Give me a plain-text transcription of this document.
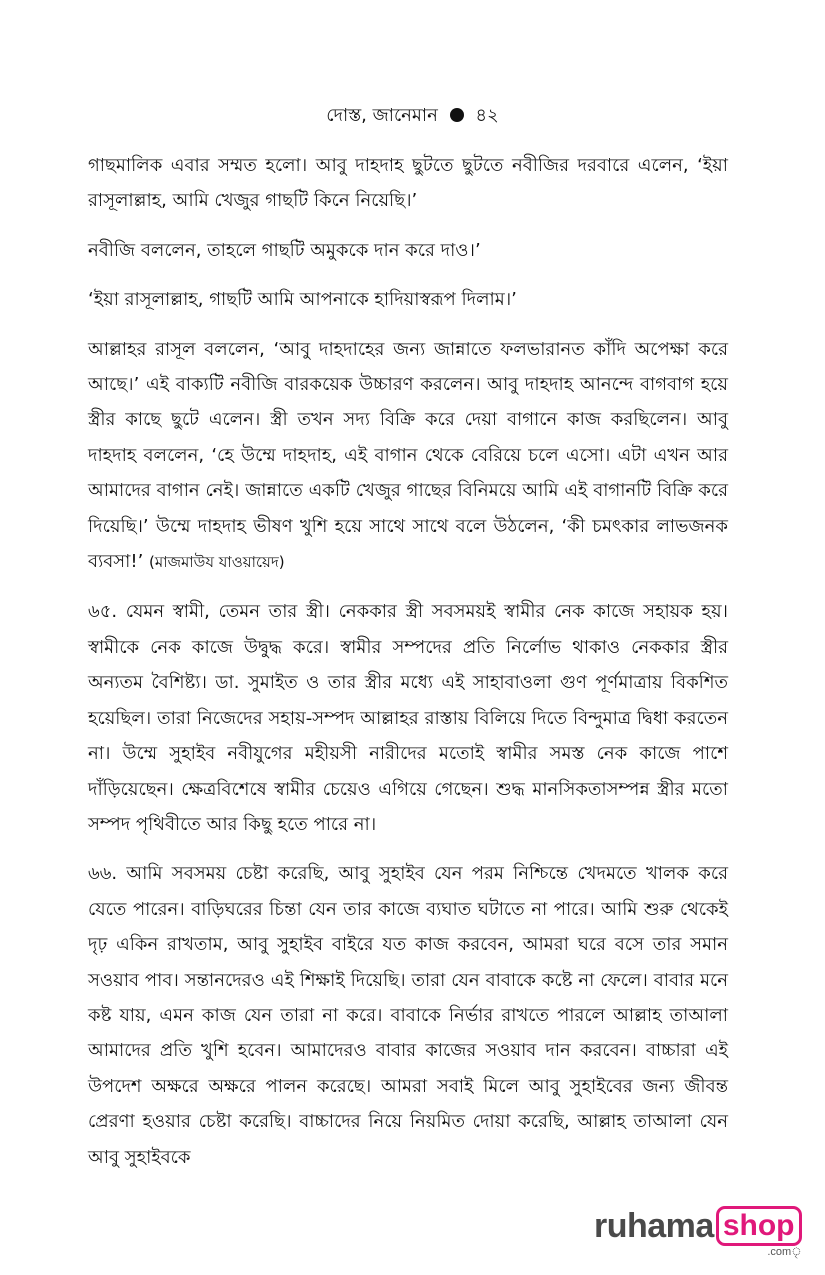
দোস্ত, জানেমান ৪২

গাছমালিক এবার সম্মত হলো। আবু দাহদাহ ছুটতে ছুটতে নবীজির দরবারে এলেন, ‘ইয়া রাসূলাল্লাহ, আমি খেজুর গাছটি কিনে নিয়েছি।’

নবীজি বললেন, তাহলে গাছটি অমুককে দান করে দাও।’

‘ইয়া রাসূলাল্লাহ, গাছটি আমি আপনাকে হাদিয়াস্বরূপ দিলাম।’

আল্লাহর রাসূল বললেন, ‘আবু দাহদাহের জন্য জান্নাতে ফলভারানত কাঁদি অপেক্ষা করে আছে।’ এই বাক্যটি নবীজি বারকয়েক উচ্চারণ করলেন। আবু দাহদাহ আনন্দে বাগবাগ হয়ে স্ত্রীর কাছে ছুটে এলেন। স্ত্রী তখন সদ্য বিক্রি করে দেয়া বাগানে কাজ করছিলেন। আবু দাহদাহ বললেন, ‘হে উম্মে দাহদাহ, এই বাগান থেকে বেরিয়ে চলে এসো। এটা এখন আর আমাদের বাগান নেই। জান্নাতে একটি খেজুর গাছের বিনিময়ে আমি এই বাগানটি বিক্রি করে দিয়েছি।’ উম্মে দাহদাহ ভীষণ খুশি হয়ে সাথে সাথে বলে উঠলেন, ‘কী চমৎকার লাভজনক ব্যবসা!’ (মাজমাউয যাওয়ায়েদ)

৬৫. যেমন স্বামী, তেমন তার স্ত্রী। নেককার স্ত্রী সবসময়ই স্বামীর নেক কাজে সহায়ক হয়। স্বামীকে নেক কাজে উদ্বুদ্ধ করে। স্বামীর সম্পদের প্রতি নির্লোভ থাকাও নেককার স্ত্রীর অন্যতম বৈশিষ্ট্য। ডা. সুমাইত ও তার স্ত্রীর মধ্যে এই সাহাবাওলা গুণ পূর্ণমাত্রায় বিকশিত হয়েছিল। তারা নিজেদের সহায়-সম্পদ আল্লাহর রাস্তায় বিলিয়ে দিতে বিন্দুমাত্র দ্বিধা করতেন না। উম্মে সুহাইব নবীযুগের মহীয়সী নারীদের মতোই স্বামীর সমস্ত নেক কাজে পাশে দাঁড়িয়েছেন। ক্ষেত্রবিশেষে স্বামীর চেয়েও এগিয়ে গেছেন। শুদ্ধ মানসিকতাসম্পন্ন স্ত্রীর মতো সম্পদ পৃথিবীতে আর কিছু হতে পারে না।

৬৬. আমি সবসময় চেষ্টা করেছি, আবু সুহাইব যেন পরম নিশ্চিন্তে খেদমতে খালক করে যেতে পারেন। বাড়িঘরের চিন্তা যেন তার কাজে ব্যঘাত ঘটাতে না পারে। আমি শুরু থেকেই দৃঢ় একিন রাখতাম, আবু সুহাইব বাইরে যত কাজ করবেন, আমরা ঘরে বসে তার সমান সওয়াব পাব। সন্তানদেরও এই শিক্ষাই দিয়েছি। তারা যেন বাবাকে কষ্টে না ফেলে। বাবার মনে কষ্ট যায়, এমন কাজ যেন তারা না করে। বাবাকে নির্ভার রাখতে পারলে আল্লাহ তাআলা আমাদের প্রতি খুশি হবেন। আমাদেরও বাবার কাজের সওয়াব দান করবেন। বাচ্চারা এই উপদেশ অক্ষরে অক্ষরে পালন করেছে। আমরা সবাই মিলে আবু সুহাইবের জন্য জীবন্ত প্রেরণা হওয়ার চেষ্টা করেছি। বাচ্চাদের নিয়ে নিয়মিত দোয়া করেছি, আল্লাহ তাআলা যেন আবু সুহাইবকে

ruhama shop
.comৃ
